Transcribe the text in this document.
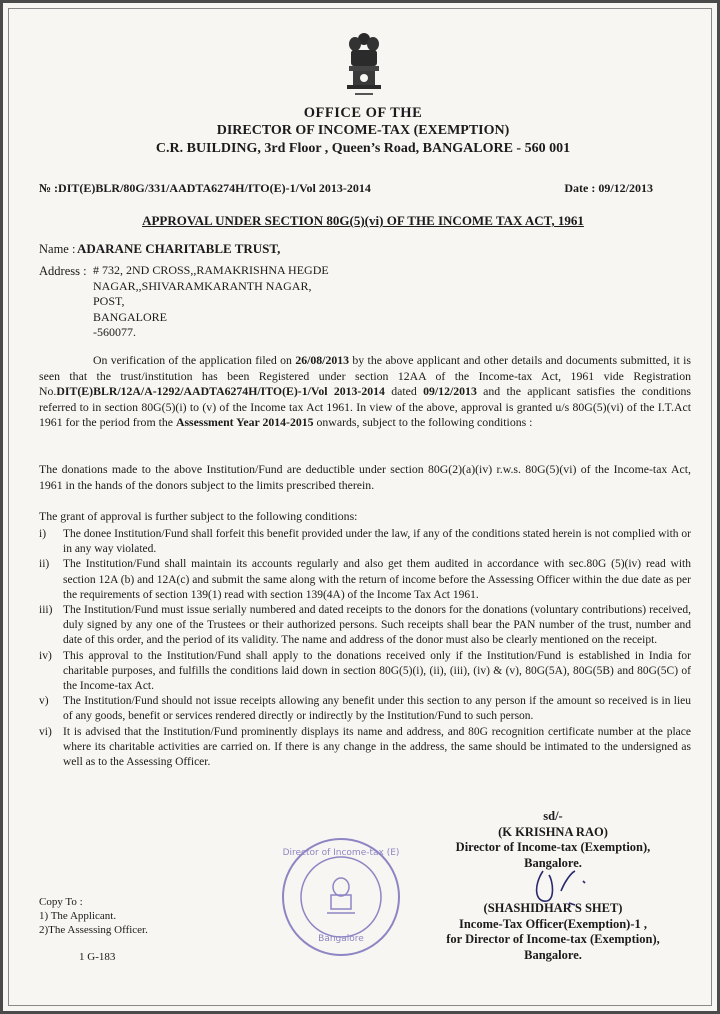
OFFICE OF THE
DIRECTOR OF INCOME-TAX (EXEMPTION)
C.R. BUILDING, 3rd Floor , Queen’s Road, BANGALORE - 560 001
№ :DIT(E)BLR/80G/331/AADTA6274H/ITO(E)-1/Vol 2013-2014	Date : 09/12/2013
APPROVAL UNDER SECTION 80G(5)(vi) OF THE INCOME TAX ACT, 1961
Name : ADARANE CHARITABLE TRUST,
Address : # 732, 2ND CROSS,,RAMAKRISHNA HEGDE
NAGAR,,SHIVARAMKARANTH NAGAR,
POST,
BANGALORE
-560077.

On verification of the application filed on 26/08/2013 by the above applicant and other details and documents submitted, it is seen that the trust/institution has been Registered under section 12AA of the Income-tax Act, 1961 vide Registration No.DIT(E)BLR/12A/A-1292/AADTA6274H/ITO(E)-1/Vol 2013-2014 dated 09/12/2013 and the applicant satisfies the conditions referred to in section 80G(5)(i) to (v) of the Income tax Act 1961. In view of the above, approval is granted u/s 80G(5)(vi) of the I.T.Act 1961 for the period from the Assessment Year 2014-2015 onwards, subject to the following conditions :

The donations made to the above Institution/Fund are deductible under section 80G(2)(a)(iv) r.w.s. 80G(5)(vi) of the Income-tax Act, 1961 in the hands of the donors subject to the limits prescribed therein.

The grant of approval is further subject to the following conditions:

i)	The donee Institution/Fund shall forfeit this benefit provided under the law, if any of the conditions stated herein is not complied with or in any way violated.
ii)	The Institution/Fund shall maintain its accounts regularly and also get them audited in accordance with sec.80G (5)(iv) read with section 12A (b) and 12A(c) and submit the same along with the return of income before the Assessing Officer within the due date as per the requirements of section 139(1) read with section 139(4A) of the Income Tax Act 1961.
iii) The Institution/Fund must issue serially numbered and dated receipts to the donors for the donations (voluntary contributions) received, duly signed by any one of the Trustees or their authorized persons. Such receipts shall bear the PAN number of the trust, number and date of this order, and the period of its validity. The name and address of the donor must also be clearly mentioned on the receipt.
iv) This approval to the Institution/Fund shall apply to the donations received only if the Institution/Fund is established in India for charitable purposes, and fulfills the conditions laid down in section 80G(5)(i), (ii), (iii), (iv) & (v), 80G(5A), 80G(5B) and 80G(5C) of the Income-tax Act.
v)	The Institution/Fund should not issue receipts allowing any benefit under this section to any person if the amount so received is in lieu of any goods, benefit or services rendered directly or indirectly by the Institution/Fund to such person.
vi) It is advised that the Institution/Fund prominently displays its name and address, and 80G recognition certificate number at the place where its charitable activities are carried on. If there is any change in the address, the same should be intimated to the undersigned as well as to the Assessing Officer.
sd/-
(K KRISHNA RAO)
Director of Income-tax (Exemption),
Bangalore.
Director of Income-tax (E)
Bangalore
(SHASHIDHAR S SHET)
Income-Tax Officer(Exemption)-1 ,
for Director of Income-tax (Exemption),
Bangalore.
Copy To :
1) The Applicant.
2)The Assessing Officer.
1 G-183
